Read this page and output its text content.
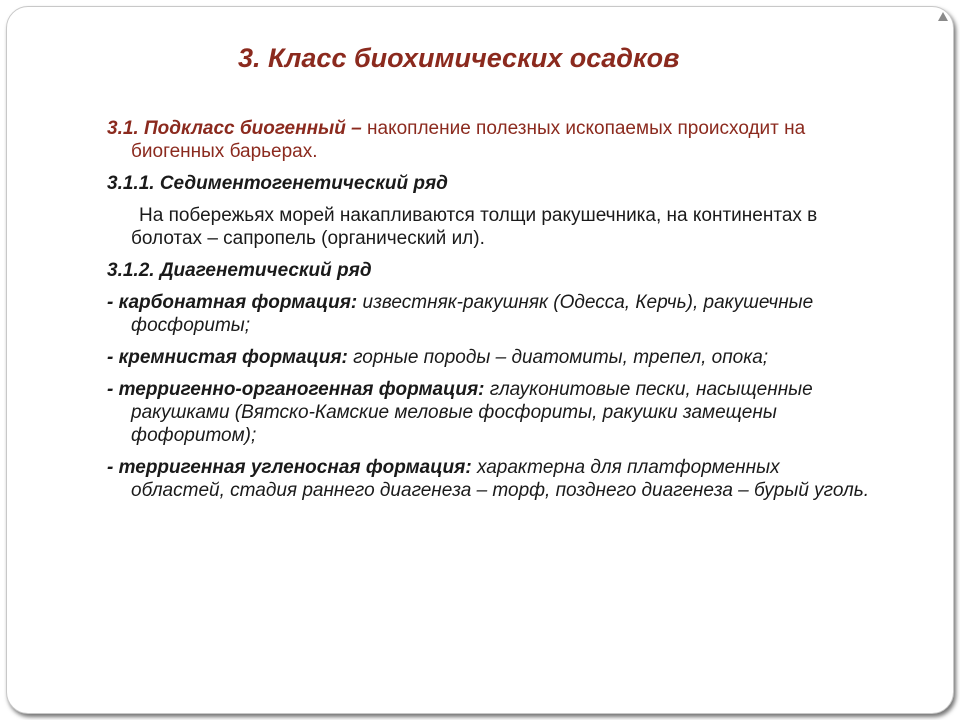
3. Класс биохимических осадков

3.1. Подкласс биогенный – накопление полезных ископаемых происходит на биогенных барьерах.

3.1.1. Седиментогенетический ряд

На побережьях морей накапливаются толщи ракушечника, на континентах в болотах – сапропель (органический ил).

3.1.2. Диагенетический ряд

- карбонатная формация: известняк-ракушняк (Одесса, Керчь), ракушечные фосфориты;

- кремнистая формация: горные породы – диатомиты, трепел, опока;

- терригенно-органогенная формация: глауконитовые пески, насыщенные ракушками (Вятско-Камские меловые фосфориты, ракушки замещены фофоритом);

- терригенная угленосная формация: характерна для платформенных областей, стадия раннего диагенеза – торф, позднего диагенеза – бурый уголь.
